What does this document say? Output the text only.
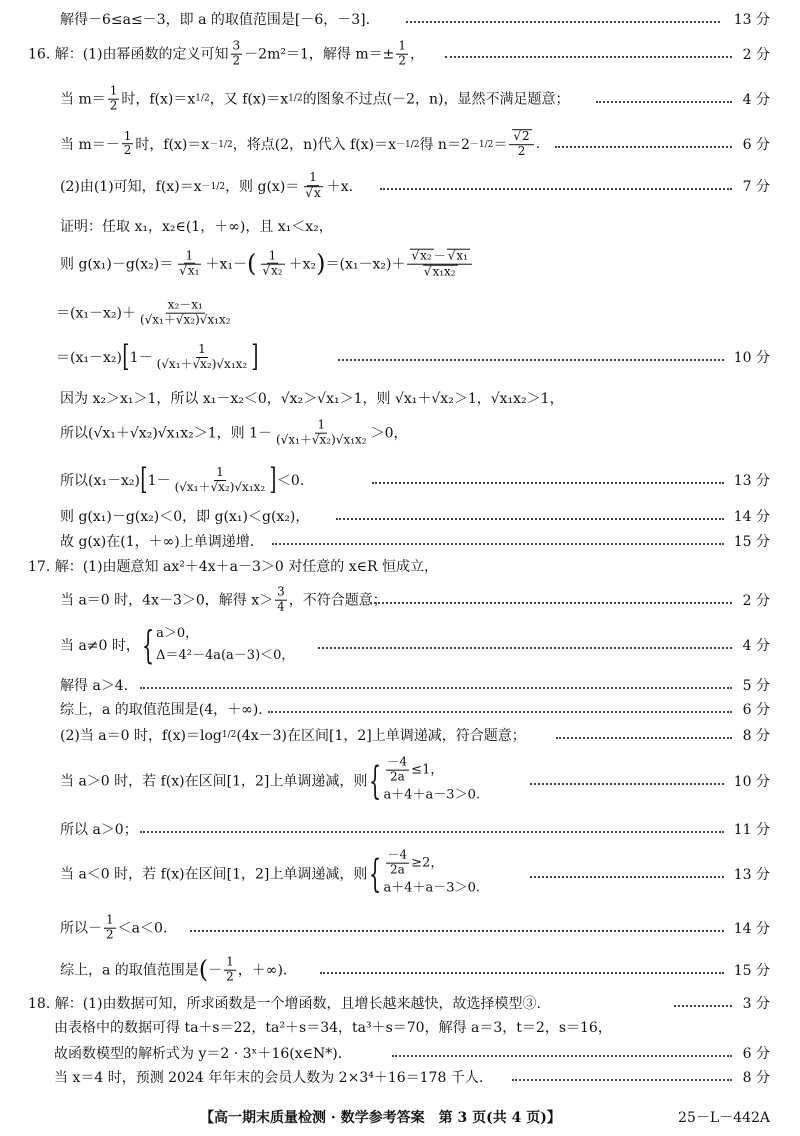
解得－6≤a≤－3，即 a 的取值范围是[－6，－3].	13 分
16. 解：(1)由幂函数的定义可知 $\frac{3}{2} -2m^2 =1$，解得 $m=\pm \frac{1}{2}$ ，	2 分
当 $m= \frac{1}{2}$ 时，f(x)＝x 1/2 ，又 f(x)＝x 1/2 的图象不过点(－2，n)，显然不满足题意；	4 分
当 $m=- \frac{1}{2}$ 时，f(x)＝x －1/2 ，将点(2，n)代入 f(x)＝x －1/2 得 n＝2 －1/2 ＝ √ $\frac{2}{2}$ .	6 分
(2)由(1)可知，f(x)＝x －1/2 ，则 g(x)＝ 1
√ x ＋x.	7 分
证明：任取 x₁，x₂∈(1，＋∞)，且 x₁＜x₂，
则 g(x₁)－g(x₂)＝ 1
√ x₁ ＋x₁－ ( 1
√ x₂ ＋x₂ ) ＝(x₁－x₂)＋ √ x₂ － √ x₁
√ x₁x₂
$=(x_1-x_2)+ \frac{\text{x₂－x₁}}{\text{(√x₁＋√x₂)√x₁x₂}}$
＝(x₁－x₂) [ $1- \frac{1}{\text{(√x₁＋√x₂)√x₁x₂}}$ ]	10 分
因为 x₂＞x₁＞1，所以 x₁－x₂＜0，√x₂＞√x₁＞1，则 √x₁＋√x₂＞1，√x₁x₂＞1，
所以(√x₁＋√x₂)√x₁x₂＞1，则 $1- \frac{1}{\text{(√x₁＋√x₂)√x₁x₂}} >0$，
所以(x₁－x₂) [ $1- \frac{1}{\text{(√x₁＋√x₂)√x₁x₂}}$ ] ＜0.	13 分
则 g(x₁)－g(x₂)＜0，即 g(x₁)＜g(x₂)，	14 分
故 g(x)在(1，＋∞)上单调递增.	15 分
17. 解：(1)由题意知 ax²＋4x＋a－3＞0 对任意的 x∈R 恒成立，
当 a＝0 时，4x－3＞0，解得 $x> \frac{3}{4}$ ，不符合题意；	2 分
当 a≠0 时， { a＞0，
Δ＝4²－4a(a－3)＜0，
4 分
解得 a＞4.	5 分
综上，a 的取值范围是(4，＋∞).	6 分
(2)当 a＝0 时，f(x)＝log 1/2 (4x－3)在区间[1，2]上单调递减，符合题意；	8 分
当 a＞0 时，若 f(x)在区间[1，2]上单调递减，则 { $\frac{-4}{2a} \le 1$，
a＋4＋a－3＞0.
10 分
所以 a＞0；	11 分
当 a＜0 时，若 f(x)在区间[1，2]上单调递减，则 { $\frac{-4}{2a} \ge 2$，
a＋4＋a－3＞0.
13 分
所以－ $\frac{1}{2} <a<0$.	14 分
综上，a 的取值范围是 ( － $\frac{1}{2}$ ，＋∞).	15 分
18. 解：(1)由数据可知，所求函数是一个增函数，且增长越来越快，故选择模型③.	3 分
由表格中的数据可得 ta＋s＝22，ta²＋s＝34，ta³＋s＝70，解得 a＝3，t＝2，s＝16，
故函数模型的解析式为 y＝2 · 3ˣ＋16(x∈N*).	6 分
当 x＝4 时，预测 2024 年年末的会员人数为 2×3⁴＋16＝178 千人.	8 分
【高一期末质量检测 · 数学参考答案　第 3 页(共 4 页)】	25－L－442A
